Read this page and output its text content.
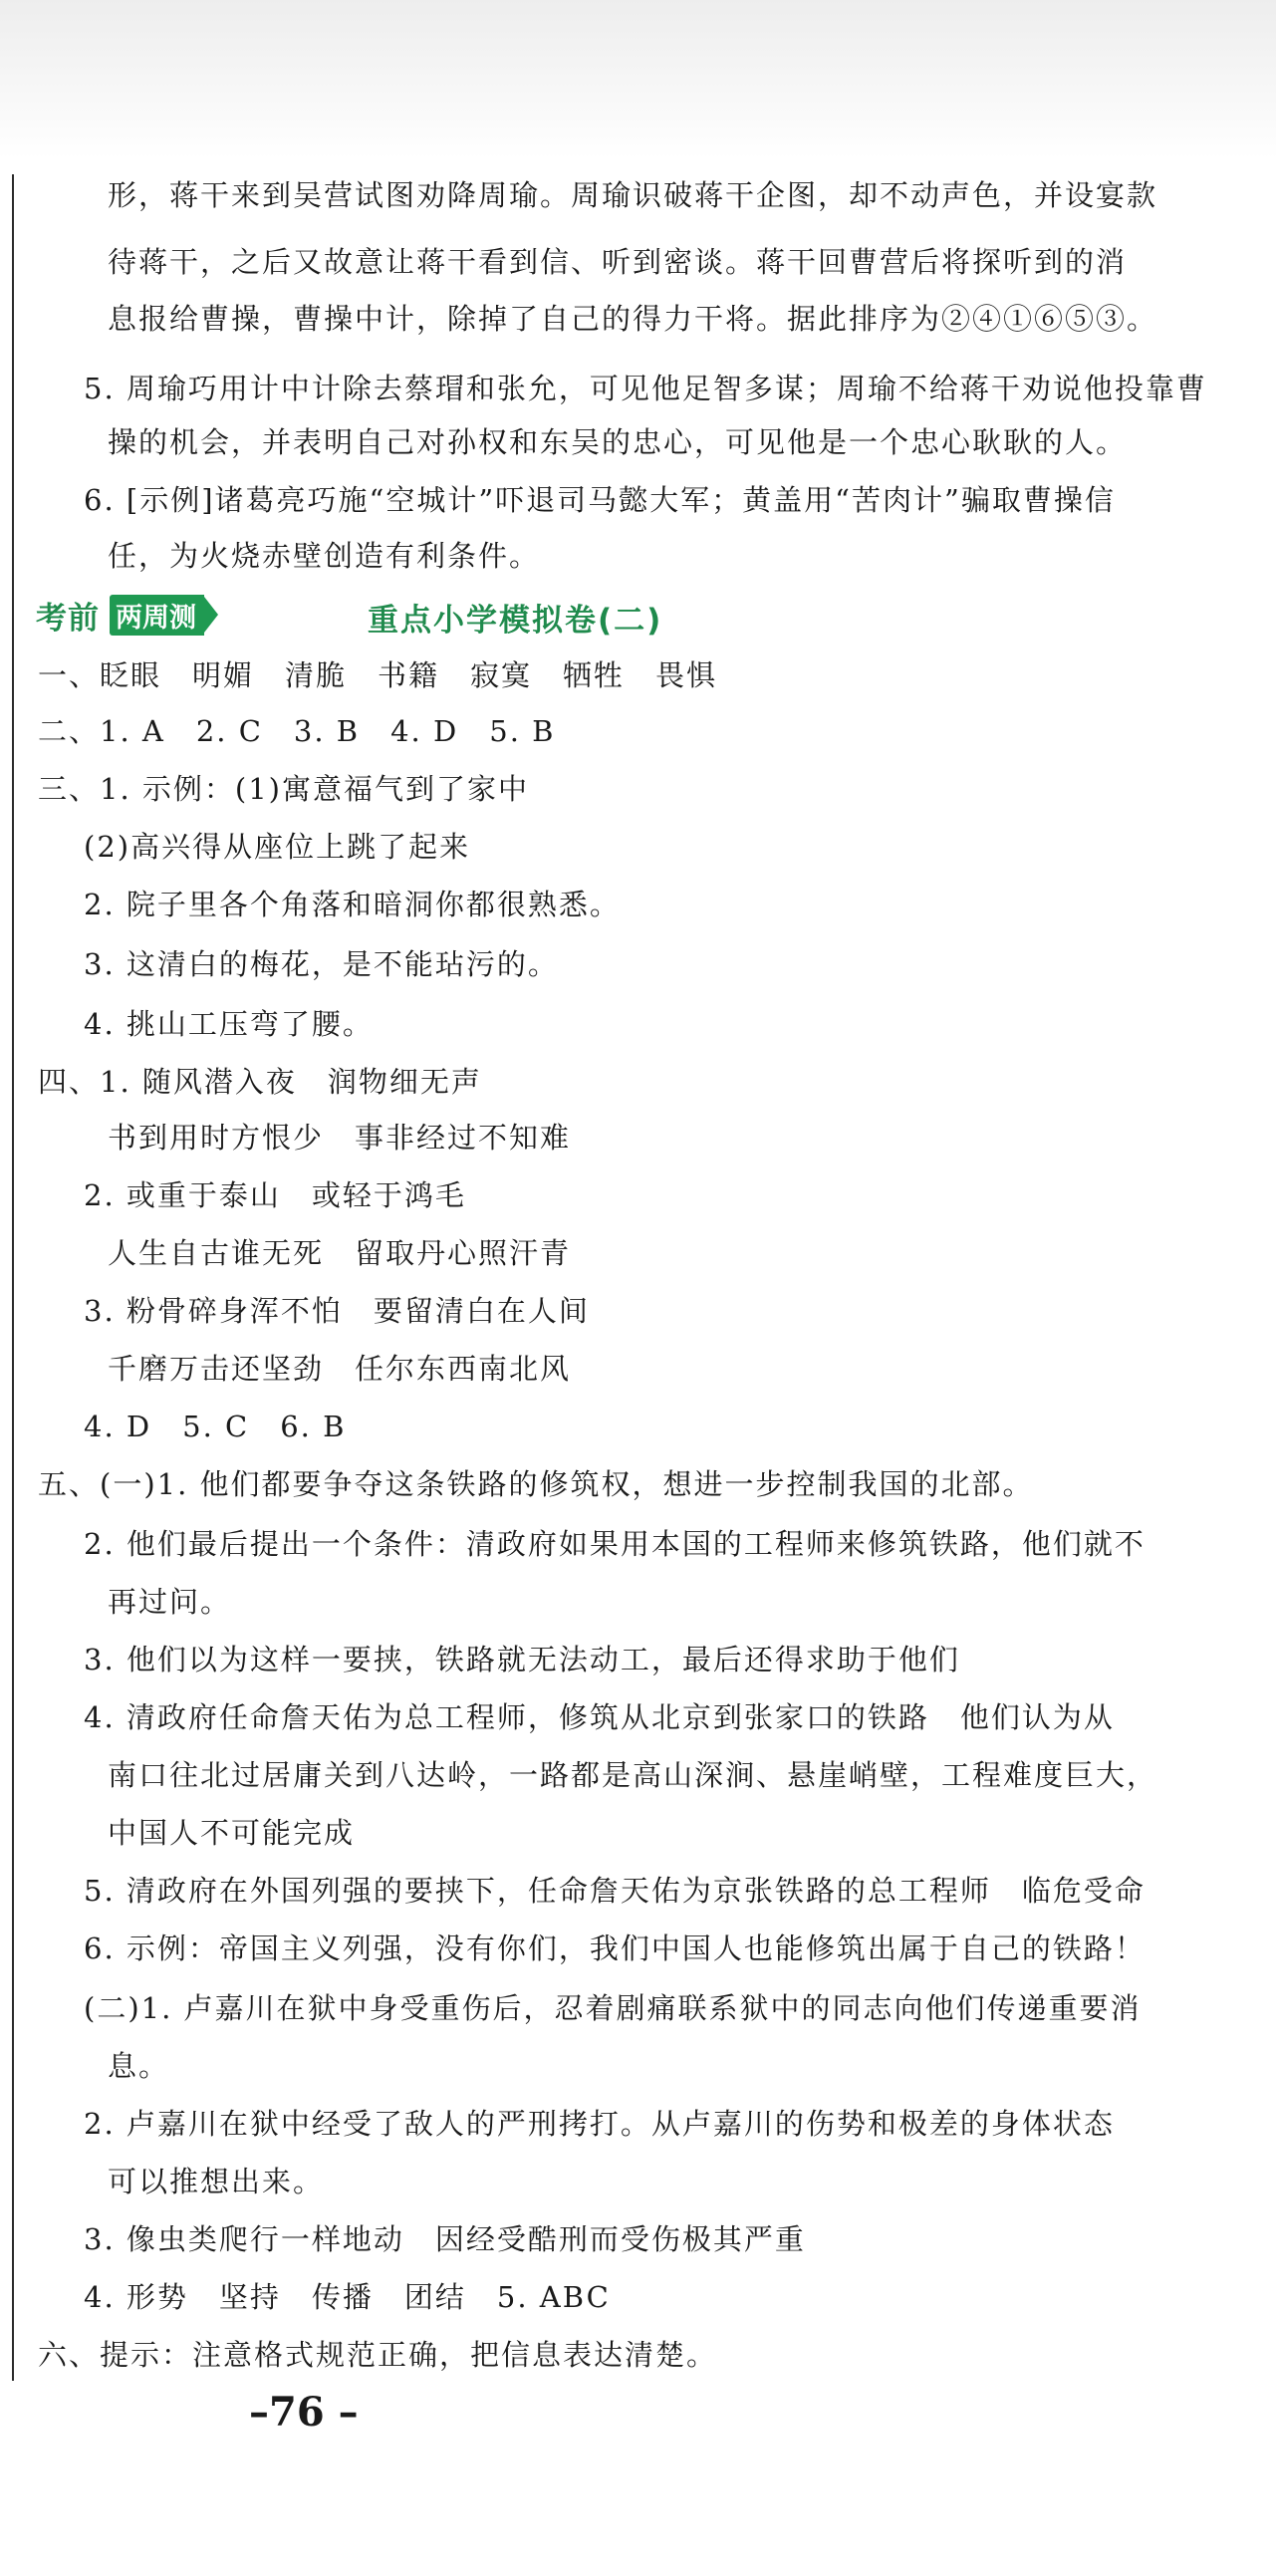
形，蒋干来到吴营试图劝降周瑜。周瑜识破蒋干企图，却不动声色，并设宴款
待蒋干，之后又故意让蒋干看到信、听到密谈。蒋干回曹营后将探听到的消
息报给曹操，曹操中计，除掉了自己的得力干将。据此排序为②④①⑥⑤③。
5. 周瑜巧用计中计除去蔡瑁和张允，可见他足智多谋；周瑜不给蒋干劝说他投靠曹
操的机会，并表明自己对孙权和东吴的忠心，可见他是一个忠心耿耿的人。
6. [示例]诸葛亮巧施“空城计”吓退司马懿大军；黄盖用“苦肉计”骗取曹操信
任，为火烧赤壁创造有利条件。
考前 两周测	重点小学模拟卷(二)
一、眨眼　明媚　清脆　书籍　寂寞　牺牲　畏惧
二、1. A　2. C　3. B　4. D　5. B
三、1. 示例：(1)寓意福气到了家中
(2)高兴得从座位上跳了起来
2. 院子里各个角落和暗洞你都很熟悉。
3. 这清白的梅花，是不能玷污的。
4. 挑山工压弯了腰。
四、1. 随风潜入夜　润物细无声
书到用时方恨少　事非经过不知难
2. 或重于泰山　或轻于鸿毛
人生自古谁无死　留取丹心照汗青
3. 粉骨碎身浑不怕　要留清白在人间
千磨万击还坚劲　任尔东西南北风
4. D　5. C　6. B
五、(一)1. 他们都要争夺这条铁路的修筑权，想进一步控制我国的北部。
2. 他们最后提出一个条件：清政府如果用本国的工程师来修筑铁路，他们就不
再过问。
3. 他们以为这样一要挟，铁路就无法动工，最后还得求助于他们
4. 清政府任命詹天佑为总工程师，修筑从北京到张家口的铁路　他们认为从
南口往北过居庸关到八达岭，一路都是高山深涧、悬崖峭壁，工程难度巨大，
中国人不可能完成
5. 清政府在外国列强的要挟下，任命詹天佑为京张铁路的总工程师　临危受命
6. 示例：帝国主义列强，没有你们，我们中国人也能修筑出属于自己的铁路！
(二)1. 卢嘉川在狱中身受重伤后，忍着剧痛联系狱中的同志向他们传递重要消
息。
2. 卢嘉川在狱中经受了敌人的严刑拷打。从卢嘉川的伤势和极差的身体状态
可以推想出来。
3. 像虫类爬行一样地动　因经受酷刑而受伤极其严重
4. 形势　坚持　传播　团结　5. ABC
六、提示：注意格式规范正确，把信息表达清楚。
–76 –
